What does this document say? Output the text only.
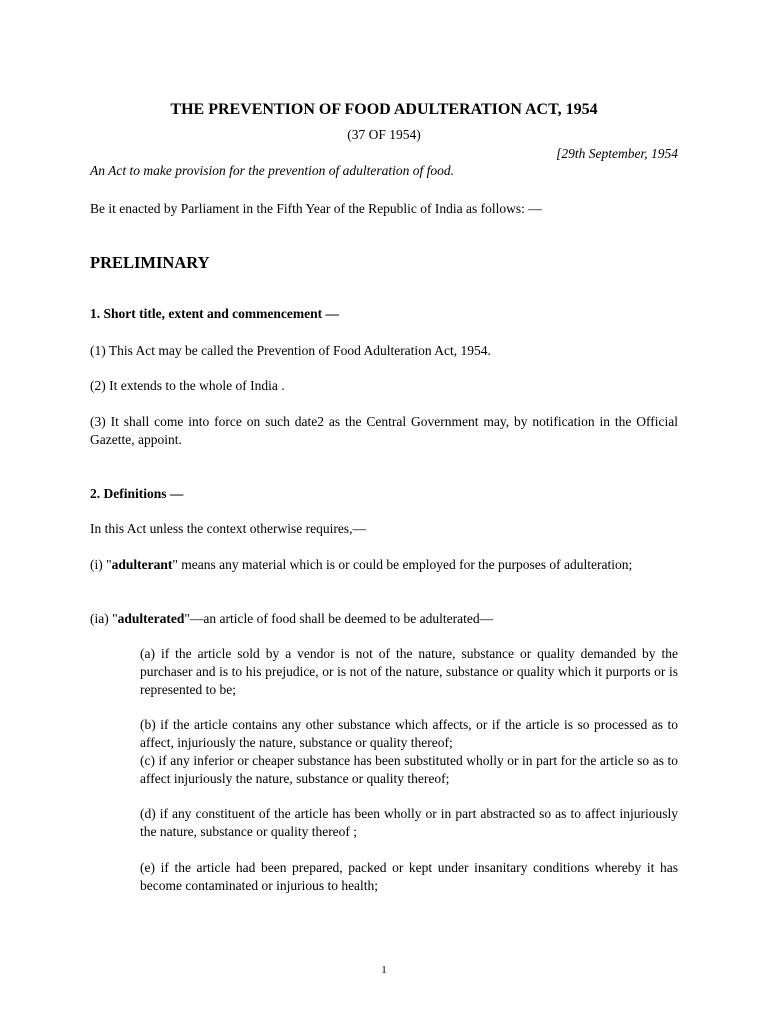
THE PREVENTION OF FOOD ADULTERATION ACT, 1954
(37 OF 1954)
[29th September, 1954

An Act to make provision for the prevention of adulteration of food.

Be it enacted by Parliament in the Fifth Year of the Republic of India as follows: —

PRELIMINARY

1. Short title, extent and commencement —

(1) This Act may be called the Prevention of Food Adulteration Act, 1954.

(2) It extends to the whole of India .

(3) It shall come into force on such date2 as the Central Government may, by notification in the Official Gazette, appoint.

2. Definitions —

In this Act unless the context otherwise requires,—

(i) "adulterant" means any material which is or could be employed for the purposes of adulteration;

(ia) "adulterated"—an article of food shall be deemed to be adulterated—

(a) if the article sold by a vendor is not of the nature, substance or quality demanded by the purchaser and is to his prejudice, or is not of the nature, substance or quality which it purports or is represented to be;

(b) if the article contains any other substance which affects, or if the article is so processed as to affect, injuriously the nature, substance or quality thereof;

(c) if any inferior or cheaper substance has been substituted wholly or in part for the article so as to affect injuriously the nature, substance or quality thereof;

(d) if any constituent of the article has been wholly or in part abstracted so as to affect injuriously the nature, substance or quality thereof ;

(e) if the article had been prepared, packed or kept under insanitary conditions whereby it has become contaminated or injurious to health;

1
